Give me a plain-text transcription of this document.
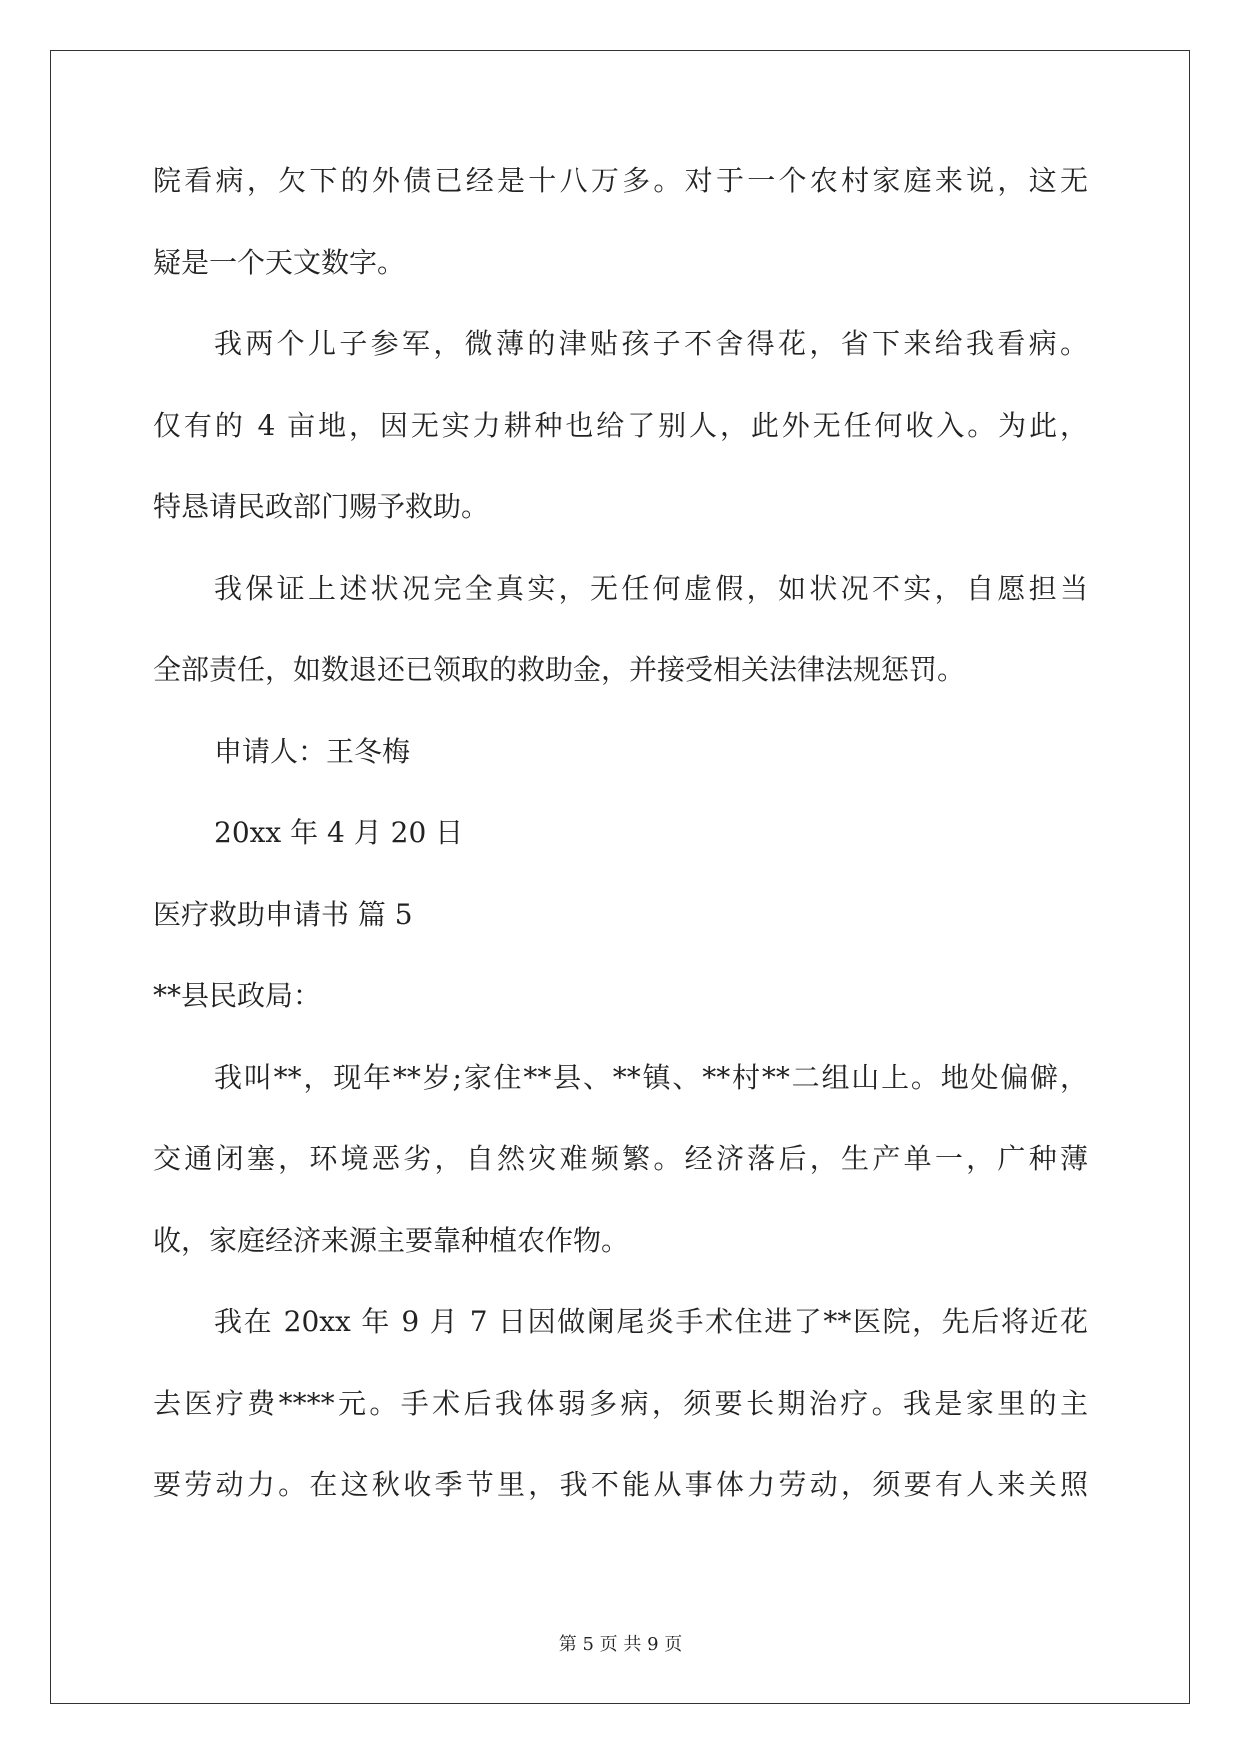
院看病，欠下的外债已经是十八万多。对于一个农村家庭来说，这无

疑是一个天文数字。

我两个儿子参军，微薄的津贴孩子不舍得花，省下来给我看病。

仅有的 4 亩地，因无实力耕种也给了别人，此外无任何收入。为此，

特恳请民政部门赐予救助。

我保证上述状况完全真实，无任何虚假，如状况不实，自愿担当

全部责任，如数退还已领取的救助金，并接受相关法律法规惩罚。

申请人：王冬梅

20xx 年 4 月 20 日

医疗救助申请书 篇 5

**县民政局：

我叫**，现年**岁;家住**县、**镇、**村**二组山上。地处偏僻，

交通闭塞，环境恶劣，自然灾难频繁。经济落后，生产单一，广种薄

收，家庭经济来源主要靠种植农作物。

我在 20xx 年 9 月 7 日因做阑尾炎手术住进了**医院，先后将近花

去医疗费****元。手术后我体弱多病，须要长期治疗。我是家里的主

要劳动力。在这秋收季节里，我不能从事体力劳动，须要有人来关照

第 5 页 共 9 页
